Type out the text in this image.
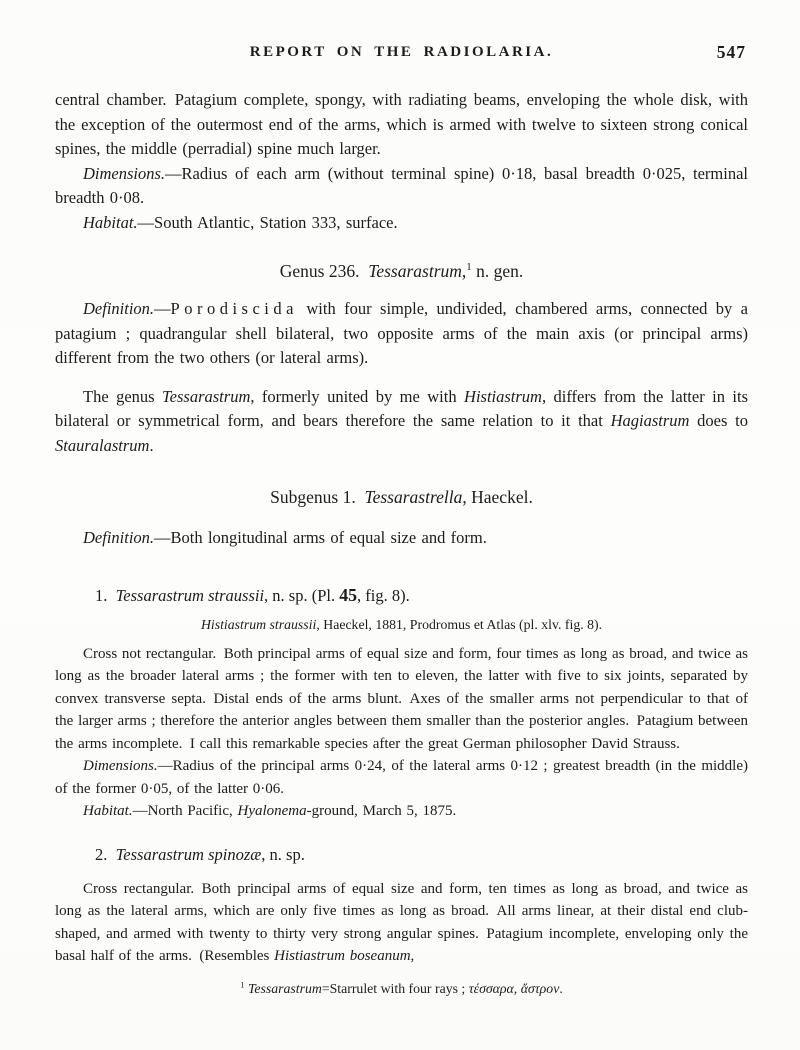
REPORT ON THE RADIOLARIA.	547

central chamber. Patagium complete, spongy, with radiating beams, enveloping the whole disk, with the exception of the outermost end of the arms, which is armed with twelve to sixteen strong conical spines, the middle (perradial) spine much larger.

Dimensions.—Radius of each arm (without terminal spine) 0·18, basal breadth 0·025, terminal breadth 0·08.

Habitat.—South Atlantic, Station 333, surface.

Genus 236. Tessarastrum,$^1$ n. gen.

Definition.—Porodiscida with four simple, undivided, chambered arms, connected by a patagium ; quadrangular shell bilateral, two opposite arms of the main axis (or principal arms) different from the two others (or lateral arms).

The genus Tessarastrum, formerly united by me with Histiastrum, differs from the latter in its bilateral or symmetrical form, and bears therefore the same relation to it that Hagiastrum does to Stauralastrum.

Subgenus 1. Tessarastrella, Haeckel.

Definition.—Both longitudinal arms of equal size and form.

1. Tessarastrum straussii, n. sp. (Pl. 45, fig. 8).

Histiastrum straussii, Haeckel, 1881, Prodromus et Atlas (pl. xlv. fig. 8).

Cross not rectangular. Both principal arms of equal size and form, four times as long as broad, and twice as long as the broader lateral arms ; the former with ten to eleven, the latter with five to six joints, separated by convex transverse septa. Distal ends of the arms blunt. Axes of the smaller arms not perpendicular to that of the larger arms ; therefore the anterior angles between them smaller than the posterior angles. Patagium between the arms incomplete. I call this remarkable species after the great German philosopher David Strauss.

Dimensions.—Radius of the principal arms 0·24, of the lateral arms 0·12 ; greatest breadth (in the middle) of the former 0·05, of the latter 0·06.

Habitat.—North Pacific, Hyalonema-ground, March 5, 1875.

2. Tessarastrum spinozæ, n. sp.

Cross rectangular. Both principal arms of equal size and form, ten times as long as broad, and twice as long as the lateral arms, which are only five times as long as broad. All arms linear, at their distal end club-shaped, and armed with twenty to thirty very strong angular spines. Patagium incomplete, enveloping only the basal half of the arms. (Resembles Histiastrum boseanum,

$^1$ Tessarastrum=Starrulet with four rays ; τέσσαρα, ἄστρον.
